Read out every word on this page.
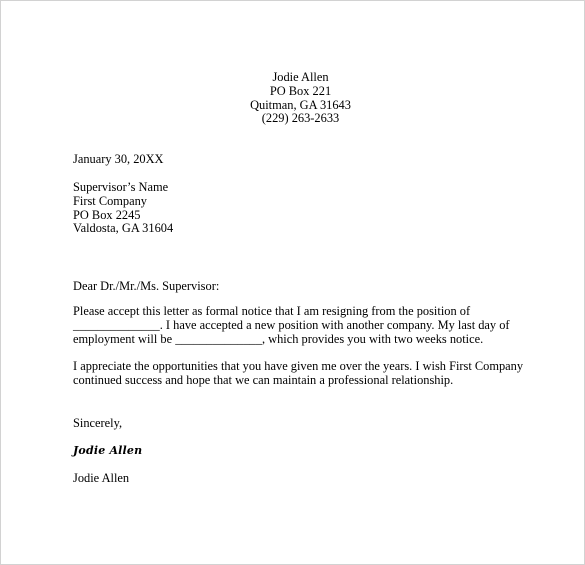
Jodie Allen
PO Box 221
Quitman, GA 31643
(229) 263-2633
January 30, 20XX
Supervisor’s Name
First Company
PO Box 2245
Valdosta, GA 31604
Dear Dr./Mr./Ms. Supervisor:
Please accept this letter as formal notice that I am resigning from the position of
______________. I have accepted a new position with another company. My last day of
employment will be ______________, which provides you with two weeks notice.
I appreciate the opportunities that you have given me over the years. I wish First Company
continued success and hope that we can maintain a professional relationship.
Sincerely,
Jodie Allen
Jodie Allen
